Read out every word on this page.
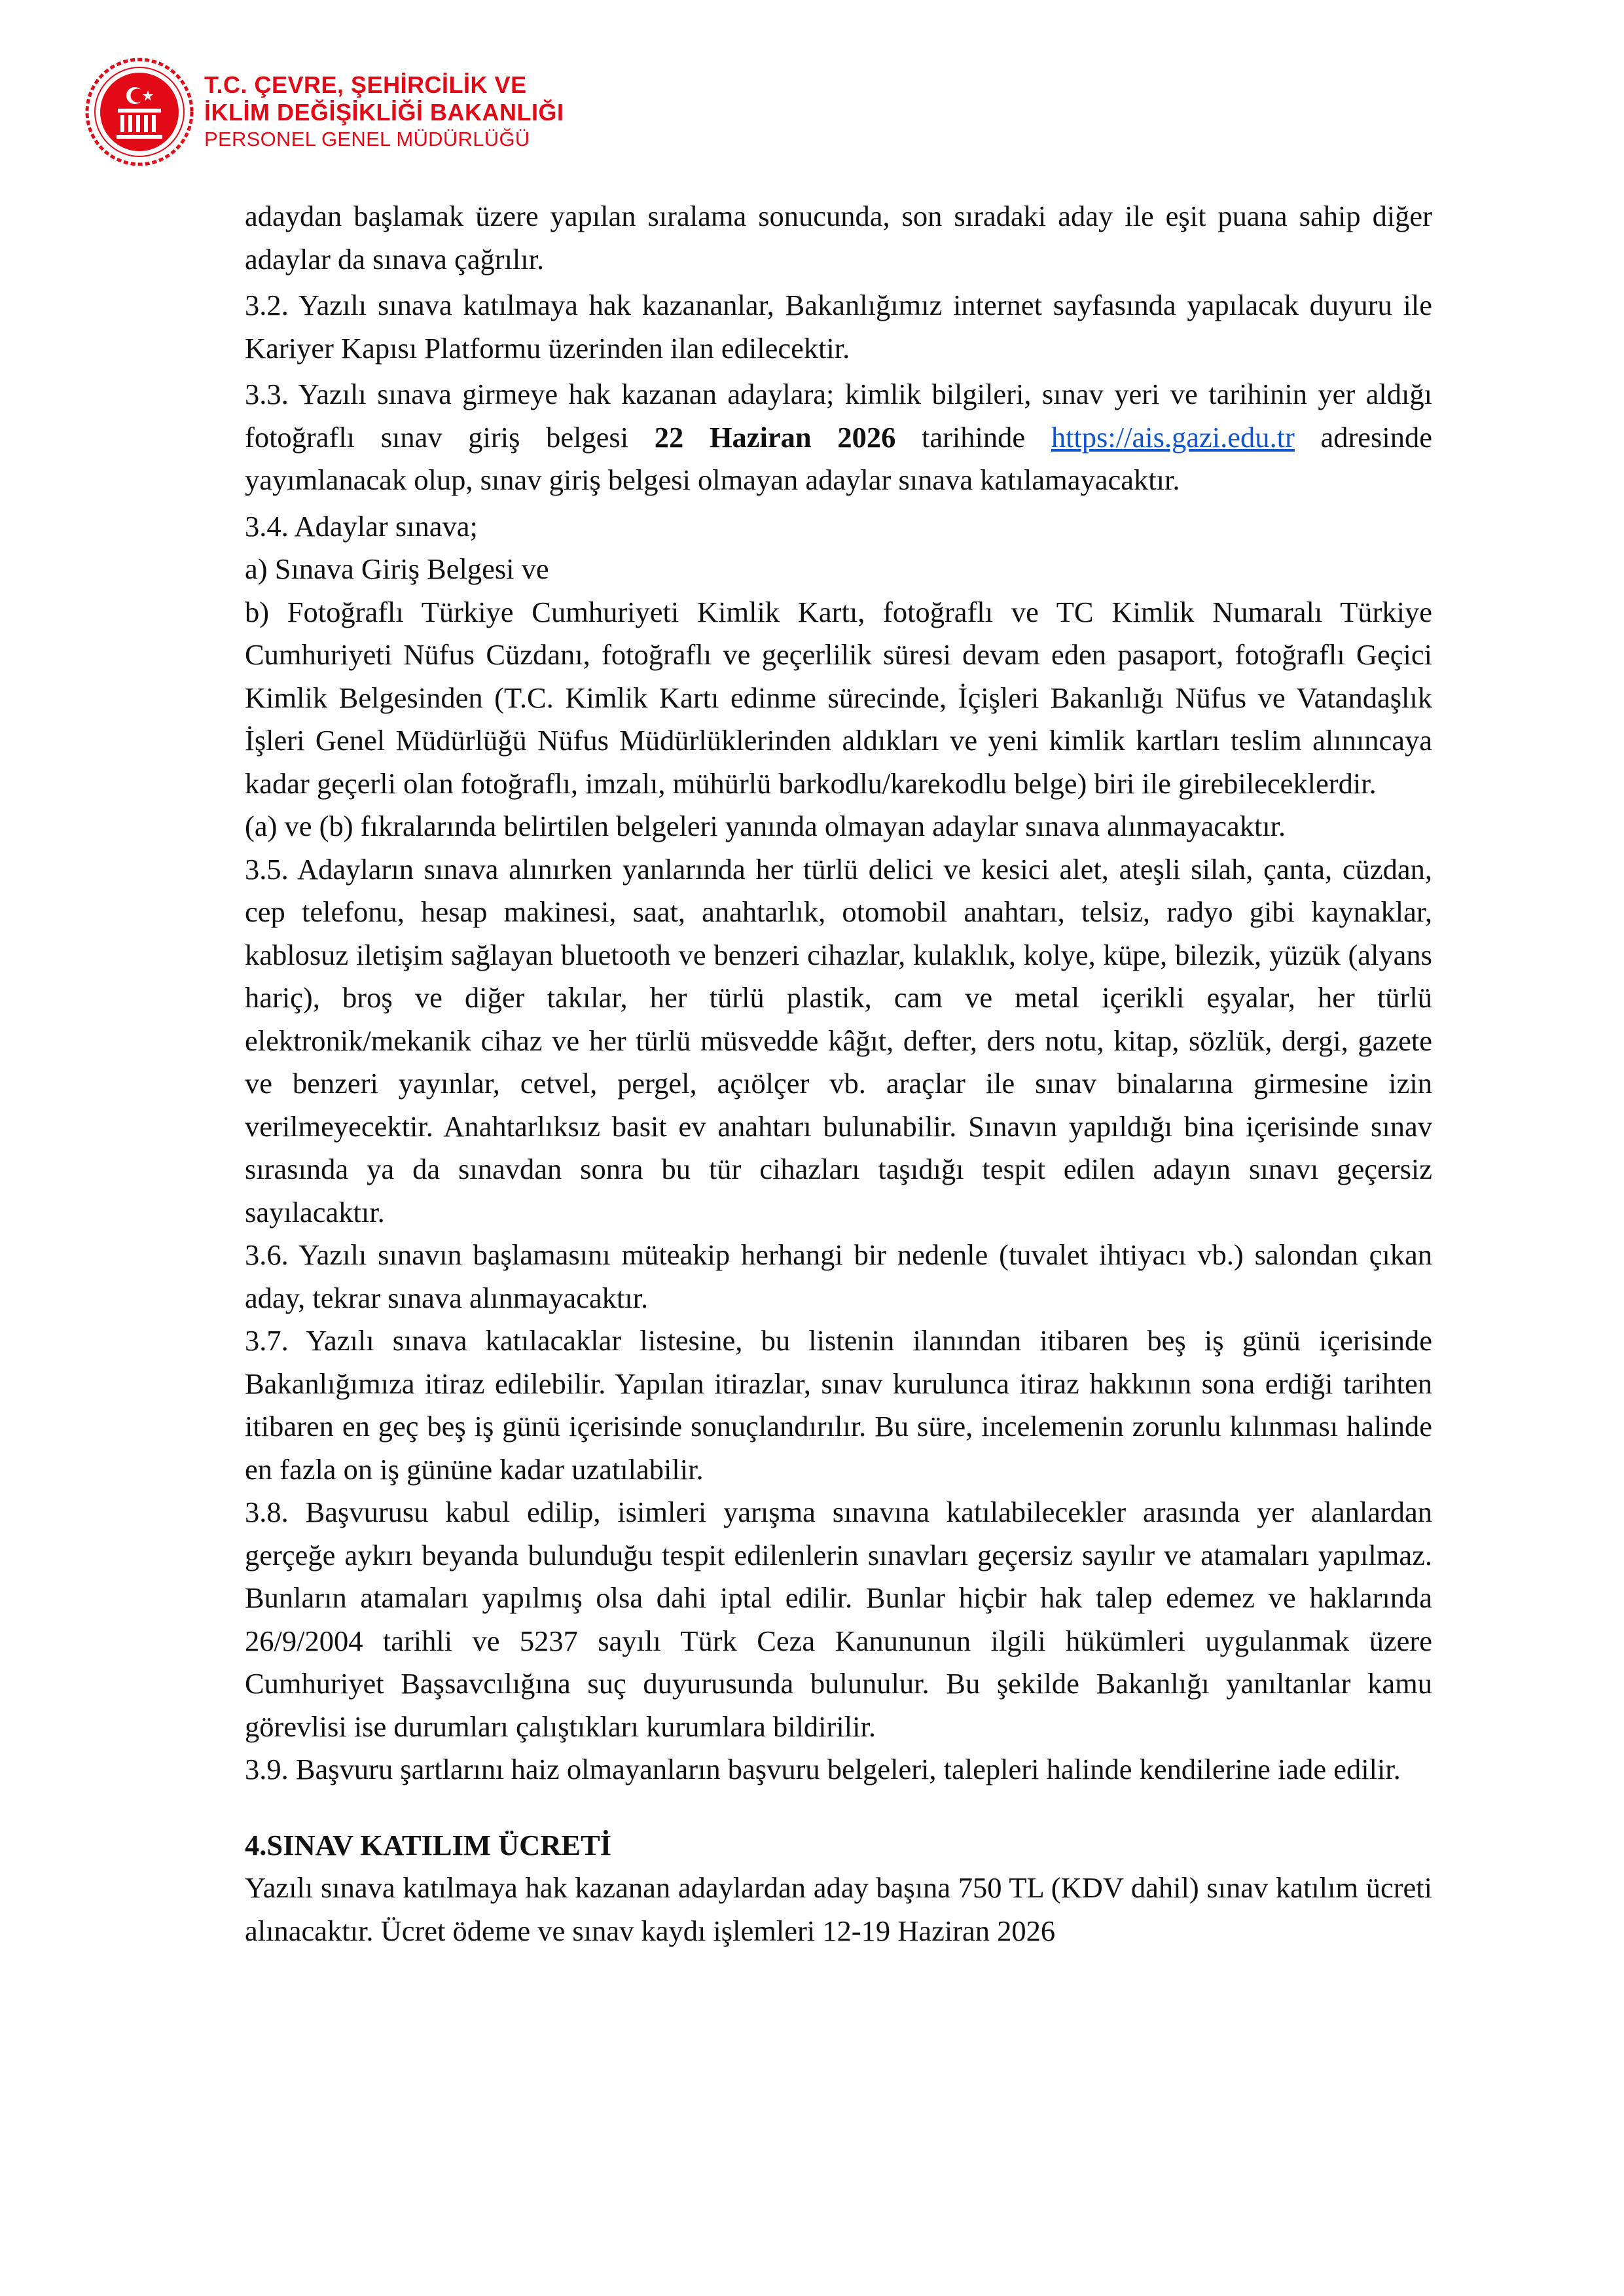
T.C. ÇEVRE, ŞEHİRCİLİK VE
İKLİM DEĞİŞİKLİĞİ BAKANLIĞI
PERSONEL GENEL MÜDÜRLÜĞÜ

adaydan başlamak üzere yapılan sıralama sonucunda, son sıradaki aday ile eşit puana sahip diğer adaylar da sınava çağrılır.

3.2. Yazılı sınava katılmaya hak kazananlar, Bakanlığımız internet sayfasında yapılacak duyuru ile Kariyer Kapısı Platformu üzerinden ilan edilecektir.

3.3. Yazılı sınava girmeye hak kazanan adaylara; kimlik bilgileri, sınav yeri ve tarihinin yer aldığı fotoğraflı sınav giriş belgesi 22 Haziran 2026 tarihinde https://ais.gazi.edu.tr adresinde yayımlanacak olup, sınav giriş belgesi olmayan adaylar sınava katılamayacaktır.

3.4. Adaylar sınava;

a) Sınava Giriş Belgesi ve

b) Fotoğraflı Türkiye Cumhuriyeti Kimlik Kartı, fotoğraflı ve TC Kimlik Numaralı Türkiye Cumhuriyeti Nüfus Cüzdanı, fotoğraflı ve geçerlilik süresi devam eden pasaport, fotoğraflı Geçici Kimlik Belgesinden (T.C. Kimlik Kartı edinme sürecinde, İçişleri Bakanlığı Nüfus ve Vatandaşlık İşleri Genel Müdürlüğü Nüfus Müdürlüklerinden aldıkları ve yeni kimlik kartları teslim alınıncaya kadar geçerli olan fotoğraflı, imzalı, mühürlü barkodlu/karekodlu belge) biri ile girebileceklerdir.

(a) ve (b) fıkralarında belirtilen belgeleri yanında olmayan adaylar sınava alınmayacaktır.

3.5. Adayların sınava alınırken yanlarında her türlü delici ve kesici alet, ateşli silah, çanta, cüzdan, cep telefonu, hesap makinesi, saat, anahtarlık, otomobil anahtarı, telsiz, radyo gibi kaynaklar, kablosuz iletişim sağlayan bluetooth ve benzeri cihazlar, kulaklık, kolye, küpe, bilezik, yüzük (alyans hariç), broş ve diğer takılar, her türlü plastik, cam ve metal içerikli eşyalar, her türlü elektronik/mekanik cihaz ve her türlü müsvedde kâğıt, defter, ders notu, kitap, sözlük, dergi, gazete ve benzeri yayınlar, cetvel, pergel, açıölçer vb. araçlar ile sınav binalarına girmesine izin verilmeyecektir. Anahtarlıksız basit ev anahtarı bulunabilir. Sınavın yapıldığı bina içerisinde sınav sırasında ya da sınavdan sonra bu tür cihazları taşıdığı tespit edilen adayın sınavı geçersiz sayılacaktır.

3.6. Yazılı sınavın başlamasını müteakip herhangi bir nedenle (tuvalet ihtiyacı vb.) salondan çıkan aday, tekrar sınava alınmayacaktır.

3.7. Yazılı sınava katılacaklar listesine, bu listenin ilanından itibaren beş iş günü içerisinde Bakanlığımıza itiraz edilebilir. Yapılan itirazlar, sınav kurulunca itiraz hakkının sona erdiği tarihten itibaren en geç beş iş günü içerisinde sonuçlandırılır. Bu süre, incelemenin zorunlu kılınması halinde en fazla on iş gününe kadar uzatılabilir.

3.8. Başvurusu kabul edilip, isimleri yarışma sınavına katılabilecekler arasında yer alanlardan gerçeğe aykırı beyanda bulunduğu tespit edilenlerin sınavları geçersiz sayılır ve atamaları yapılmaz. Bunların atamaları yapılmış olsa dahi iptal edilir. Bunlar hiçbir hak talep edemez ve haklarında 26/9/2004 tarihli ve 5237 sayılı Türk Ceza Kanununun ilgili hükümleri uygulanmak üzere Cumhuriyet Başsavcılığına suç duyurusunda bulunulur. Bu şekilde Bakanlığı yanıltanlar kamu görevlisi ise durumları çalıştıkları kurumlara bildirilir.

3.9. Başvuru şartlarını haiz olmayanların başvuru belgeleri, talepleri halinde kendilerine iade edilir.

4.SINAV KATILIM ÜCRETİ

Yazılı sınava katılmaya hak kazanan adaylardan aday başına 750 TL (KDV dahil) sınav katılım ücreti alınacaktır. Ücret ödeme ve sınav kaydı işlemleri 12-19 Haziran 2026
